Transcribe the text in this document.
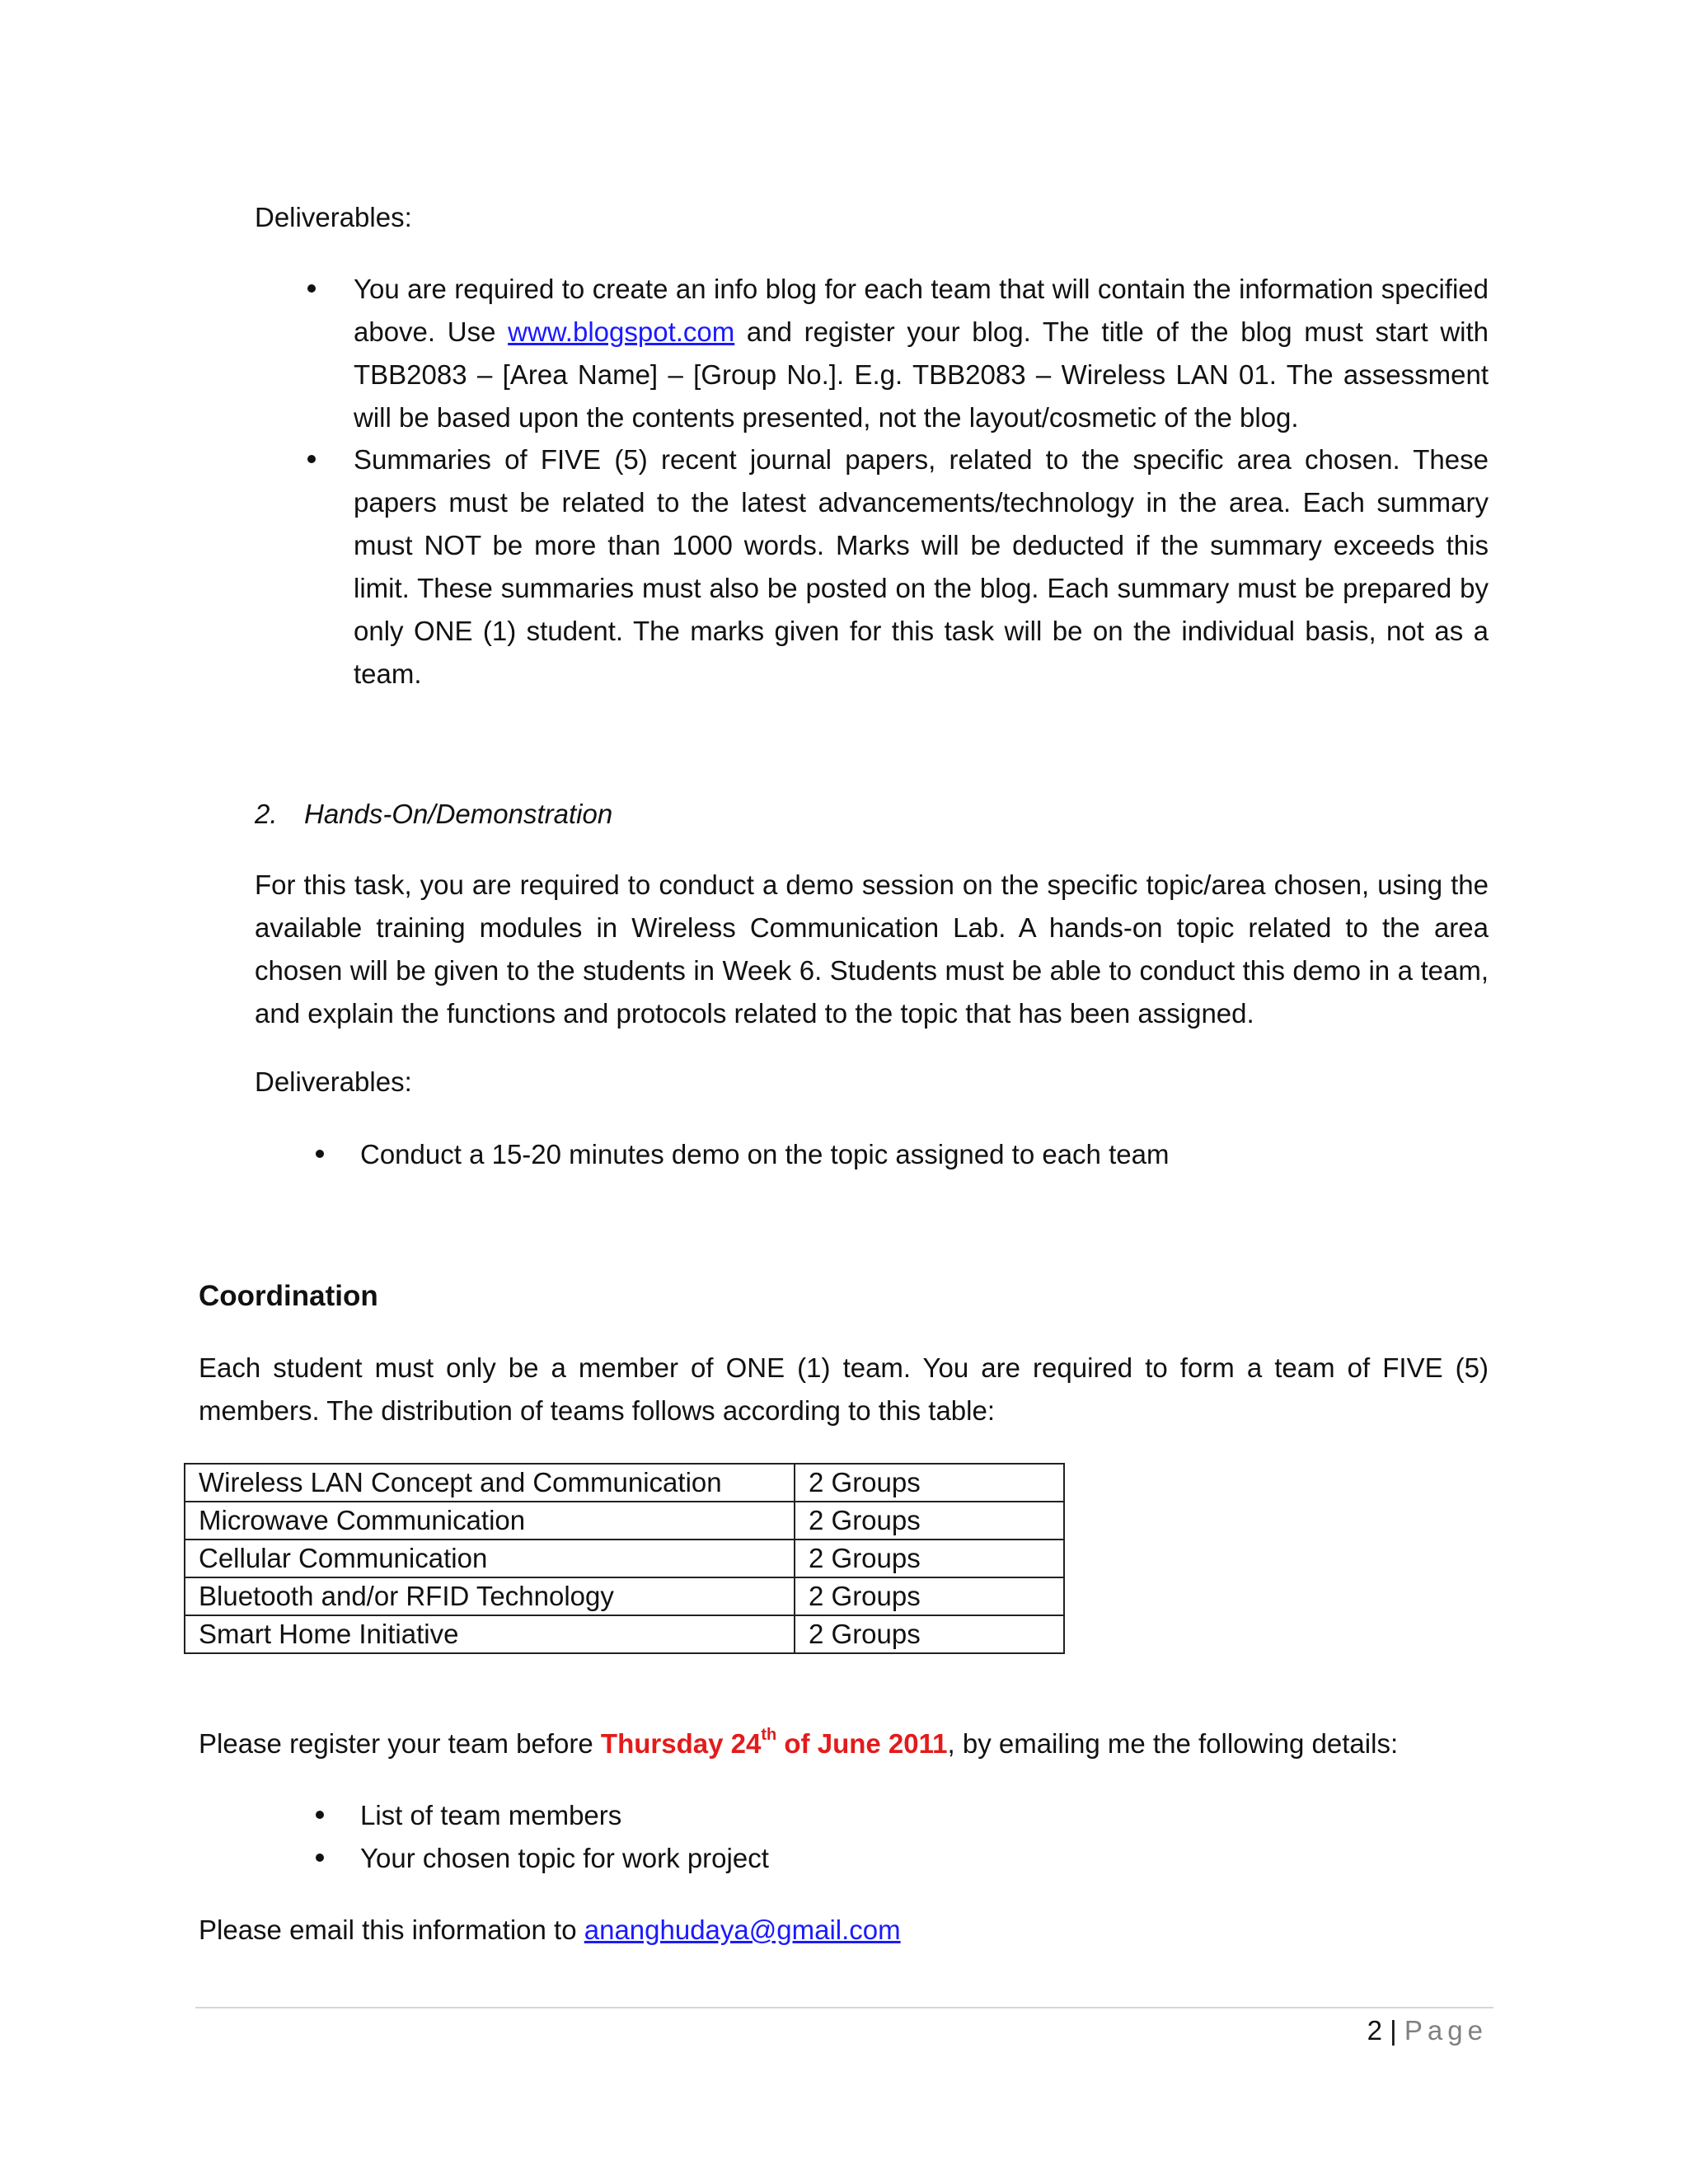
Deliverables:

You are required to create an info blog for each team that will contain the information specified above. Use www.blogspot.com and register your blog. The title of the blog must start with TBB2083 – [Area Name] – [Group No.]. E.g. TBB2083 – Wireless LAN 01. The assessment will be based upon the contents presented, not the layout/cosmetic of the blog.

Summaries of FIVE (5) recent journal papers, related to the specific area chosen. These papers must be related to the latest advancements/technology in the area. Each summary must NOT be more than 1000 words. Marks will be deducted if the summary exceeds this limit. These summaries must also be posted on the blog. Each summary must be prepared by only ONE (1) student. The marks given for this task will be on the individual basis, not as a team.

2. Hands-On/Demonstration

For this task, you are required to conduct a demo session on the specific topic/area chosen, using the available training modules in Wireless Communication Lab. A hands-on topic related to the area chosen will be given to the students in Week 6. Students must be able to conduct this demo in a team, and explain the functions and protocols related to the topic that has been assigned.

Deliverables:
Conduct a 15-20 minutes demo on the topic assigned to each team
Coordination

Each student must only be a member of ONE (1) team. You are required to form a team of FIVE (5) members. The distribution of teams follows according to this table:

Wireless LAN Concept and Communication	2 Groups
Microwave Communication	2 Groups
Cellular Communication	2 Groups
Bluetooth and/or RFID Technology	2 Groups
Smart Home Initiative	2 Groups
Please register your team before Thursday 24th of June 2011, by emailing me the following details:
List of team members
Your chosen topic for work project
Please email this information to ananghudaya@gmail.com
2 | Page
